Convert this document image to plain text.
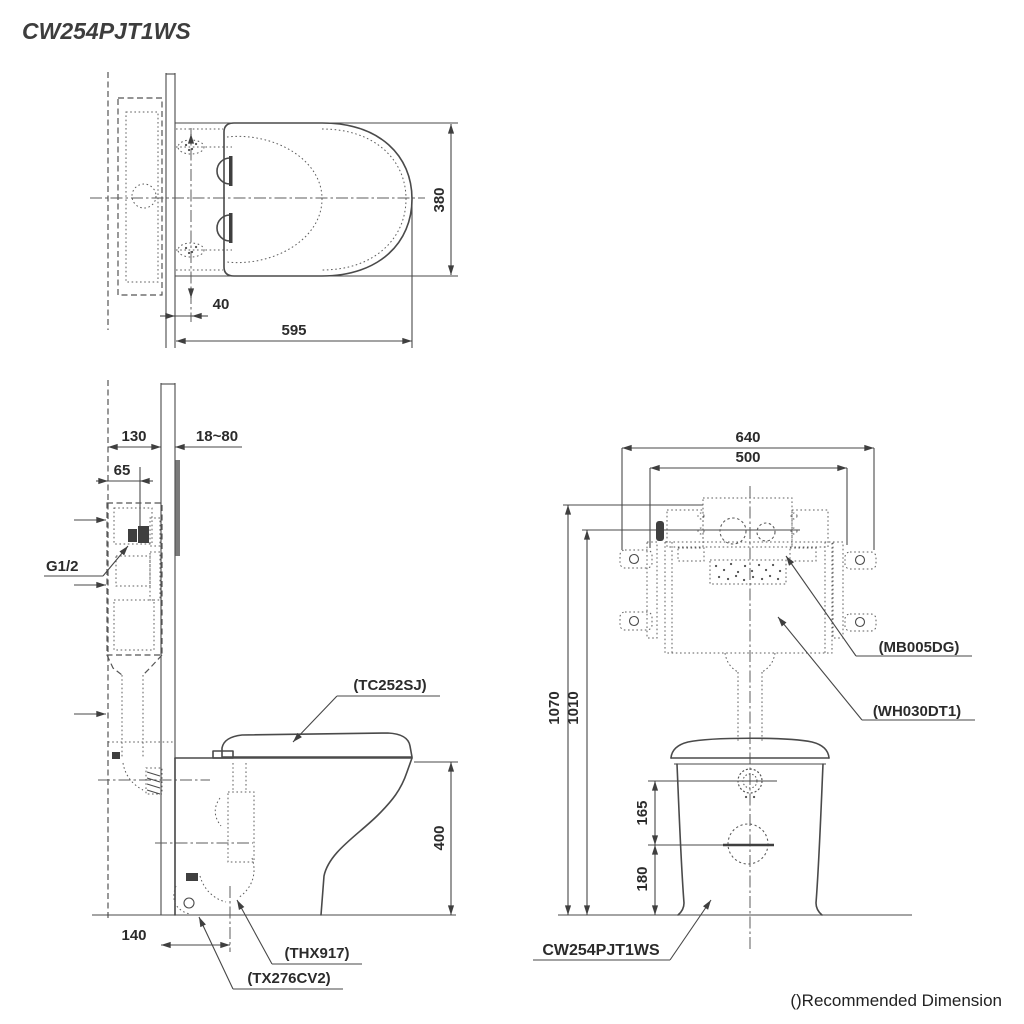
CW254PJT1WS
40
595
380
130	18~80
65
G1/2
140
(TC252SJ)
400
(THX917)
(TX276CV2)
640
500
(MB005DG)
(WH030DT1)
165
180
1070 1010
CW254PJT1WS
()Recommended Dimension
